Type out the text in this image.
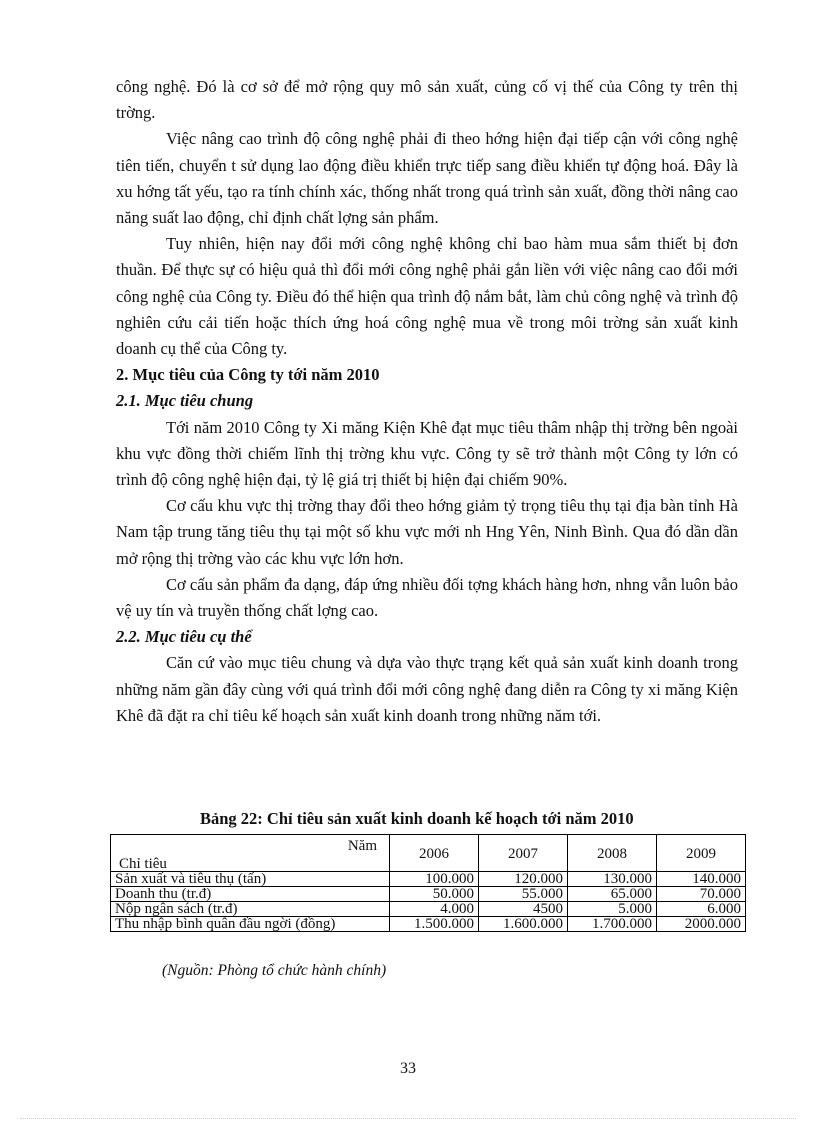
công nghệ. Đó là cơ sở để mở rộng quy mô sản xuất, củng cố vị thế của Công ty trên thị trờng.

Việc nâng cao trình độ công nghệ phải đi theo hớng hiện đại tiếp cận với công nghệ tiên tiến, chuyển t sử dụng lao động điều khiển trực tiếp sang điều khiển tự động hoá. Đây là xu hớng tất yếu, tạo ra tính chính xác, thống nhất trong quá trình sản xuất, đồng thời nâng cao năng suất lao động, chỉ định chất lợng sản phẩm.

Tuy nhiên, hiện nay đổi mới công nghệ không chỉ bao hàm mua sắm thiết bị đơn thuần. Để thực sự có hiệu quả thì đổi mới công nghệ phải gắn liền với việc nâng cao đổi mới công nghệ của Công ty. Điều đó thể hiện qua trình độ nắm bắt, làm chủ công nghệ và trình độ nghiên cứu cải tiến hoặc thích ứng hoá công nghệ mua về trong môi trờng sản xuất kinh doanh cụ thể của Công ty.

2. Mục tiêu của Công ty tới năm 2010

2.1. Mục tiêu chung

Tới năm 2010 Công ty Xi măng Kiện Khê đạt mục tiêu thâm nhập thị trờng bên ngoài khu vực đồng thời chiếm lĩnh thị trờng khu vực. Công ty sẽ trở thành một Công ty lớn có trình độ công nghệ hiện đại, tỷ lệ giá trị thiết bị hiện đại chiếm 90%.

Cơ cấu khu vực thị trờng thay đổi theo hớng giảm tỷ trọng tiêu thụ tại địa bàn tỉnh Hà Nam tập trung tăng tiêu thụ tại một số khu vực mới nh Hng Yên, Ninh Bình. Qua đó dần dần mở rộng thị trờng vào các khu vực lớn hơn.

Cơ cấu sản phẩm đa dạng, đáp ứng nhiều đối tợng khách hàng hơn, nhng vẫn luôn bảo vệ uy tín và truyền thống chất lợng cao.

2.2. Mục tiêu cụ thể

Căn cứ vào mục tiêu chung và dựa vào thực trạng kết quả sản xuất kinh doanh trong những năm gần đây cùng với quá trình đổi mới công nghệ đang diễn ra Công ty xi măng Kiện Khê đã đặt ra chỉ tiêu kế hoạch sản xuất kinh doanh trong những năm tới.

Bảng 22: Chỉ tiêu sản xuất kinh doanh kế hoạch tới năm 2010
Năm
Chỉ tiêu	2006	2007	2008	2009
Sản xuất và tiêu thụ (tấn)	100.000	120.000	130.000	140.000
Doanh thu (tr.đ)	50.000	55.000	65.000	70.000
Nộp ngân sách (tr.đ)	4.000	4500	5.000	6.000
Thu nhập bình quân đầu ngời (đồng)	1.500.000	1.600.000	1.700.000	2000.000
(Nguồn: Phòng tổ chức hành chính)
33
